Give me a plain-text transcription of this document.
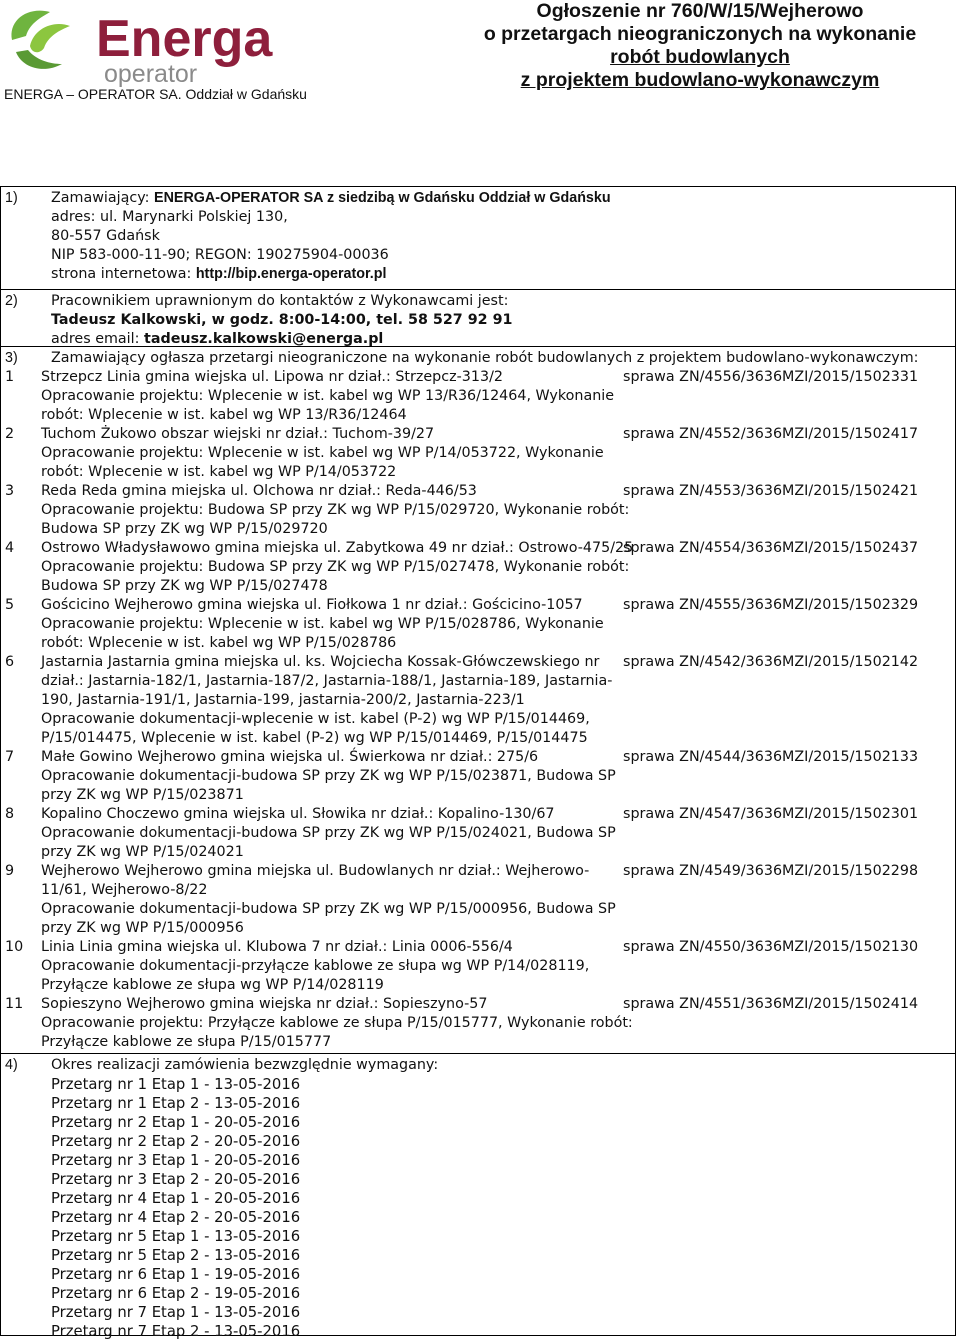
Energa
operator
ENERGA – OPERATOR SA. Oddział w Gdańsku
Ogłoszenie nr 760/W/15/Wejherowo
o przetargach nieograniczonych na wykonanie
robót budowlanych
z projektem budowlano-wykonawczym
1) Zamawiający: ENERGA-OPERATOR SA z siedzibą w Gdańsku Oddział w Gdańsku
adres: ul. Marynarki Polskiej 130,
80-557 Gdańsk
NIP 583-000-11-90; REGON: 190275904-00036
strona internetowa: http://bip.energa-operator.pl
2) Pracownikiem uprawnionym do kontaktów z Wykonawcami jest:
Tadeusz Kalkowski, w godz. 8:00-14:00, tel. 58 527 92 91
adres email: tadeusz.kalkowski@energa.pl
3) Zamawiający ogłasza przetargi nieograniczone na wykonanie robót budowlanych z projektem budowlano-wykonawczym:
1 Strzepcz Linia gmina wiejska ul. Lipowa nr dział.: Strzepcz-313/2
Opracowanie projektu: Wplecenie w ist. kabel wg WP 13/R36/12464, Wykonanie
robót: Wplecenie w ist. kabel wg WP 13/R36/12464
sprawa ZN/4556/3636MZI/2015/1502331
2 Tuchom Żukowo obszar wiejski nr dział.: Tuchom-39/27
Opracowanie projektu: Wplecenie w ist. kabel wg WP P/14/053722, Wykonanie
robót: Wplecenie w ist. kabel wg WP P/14/053722
sprawa ZN/4552/3636MZI/2015/1502417
3 Reda Reda gmina miejska ul. Olchowa nr dział.: Reda-446/53
Opracowanie projektu: Budowa SP przy ZK wg WP P/15/029720, Wykonanie robót:
Budowa SP przy ZK wg WP P/15/029720
sprawa ZN/4553/3636MZI/2015/1502421
4 Ostrowo Władysławowo gmina miejska ul. Zabytkowa 49 nr dział.: Ostrowo-475/25
Opracowanie projektu: Budowa SP przy ZK wg WP P/15/027478, Wykonanie robót:
Budowa SP przy ZK wg WP P/15/027478
sprawa ZN/4554/3636MZI/2015/1502437
5 Gościcino Wejherowo gmina wiejska ul. Fiołkowa 1 nr dział.: Gościcino-1057
Opracowanie projektu: Wplecenie w ist. kabel wg WP P/15/028786, Wykonanie
robót: Wplecenie w ist. kabel wg WP P/15/028786
sprawa ZN/4555/3636MZI/2015/1502329
6 Jastarnia Jastarnia gmina miejska ul. ks. Wojciecha Kossak-Główczewskiego nr
dział.: Jastarnia-182/1, Jastarnia-187/2, Jastarnia-188/1, Jastarnia-189, Jastarnia-
190, Jastarnia-191/1, Jastarnia-199, jastarnia-200/2, Jastarnia-223/1
Opracowanie dokumentacji-wplecenie w ist. kabel (P-2) wg WP P/15/014469,
P/15/014475, Wplecenie w ist. kabel (P-2) wg WP P/15/014469, P/15/014475
sprawa ZN/4542/3636MZI/2015/1502142
7 Małe Gowino Wejherowo gmina wiejska ul. Świerkowa nr dział.: 275/6
Opracowanie dokumentacji-budowa SP przy ZK wg WP P/15/023871, Budowa SP
przy ZK wg WP P/15/023871
sprawa ZN/4544/3636MZI/2015/1502133
8 Kopalino Choczewo gmina wiejska ul. Słowika nr dział.: Kopalino-130/67
Opracowanie dokumentacji-budowa SP przy ZK wg WP P/15/024021, Budowa SP
przy ZK wg WP P/15/024021
sprawa ZN/4547/3636MZI/2015/1502301
9 Wejherowo Wejherowo gmina miejska ul. Budowlanych nr dział.: Wejherowo-
11/61, Wejherowo-8/22
Opracowanie dokumentacji-budowa SP przy ZK wg WP P/15/000956, Budowa SP
przy ZK wg WP P/15/000956
sprawa ZN/4549/3636MZI/2015/1502298
10 Linia Linia gmina wiejska ul. Klubowa 7 nr dział.: Linia 0006-556/4
Opracowanie dokumentacji-przyłącze kablowe ze słupa wg WP P/14/028119,
Przyłącze kablowe ze słupa wg WP P/14/028119
sprawa ZN/4550/3636MZI/2015/1502130
11 Sopieszyno Wejherowo gmina wiejska nr dział.: Sopieszyno-57
Opracowanie projektu: Przyłącze kablowe ze słupa P/15/015777, Wykonanie robót:
Przyłącze kablowe ze słupa P/15/015777
sprawa ZN/4551/3636MZI/2015/1502414
4) Okres realizacji zamówienia bezwzględnie wymagany:
Przetarg nr 1 Etap 1 - 13-05-2016
Przetarg nr 1 Etap 2 - 13-05-2016
Przetarg nr 2 Etap 1 - 20-05-2016
Przetarg nr 2 Etap 2 - 20-05-2016
Przetarg nr 3 Etap 1 - 20-05-2016
Przetarg nr 3 Etap 2 - 20-05-2016
Przetarg nr 4 Etap 1 - 20-05-2016
Przetarg nr 4 Etap 2 - 20-05-2016
Przetarg nr 5 Etap 1 - 13-05-2016
Przetarg nr 5 Etap 2 - 13-05-2016
Przetarg nr 6 Etap 1 - 19-05-2016
Przetarg nr 6 Etap 2 - 19-05-2016
Przetarg nr 7 Etap 1 - 13-05-2016
Przetarg nr 7 Etap 2 - 13-05-2016
